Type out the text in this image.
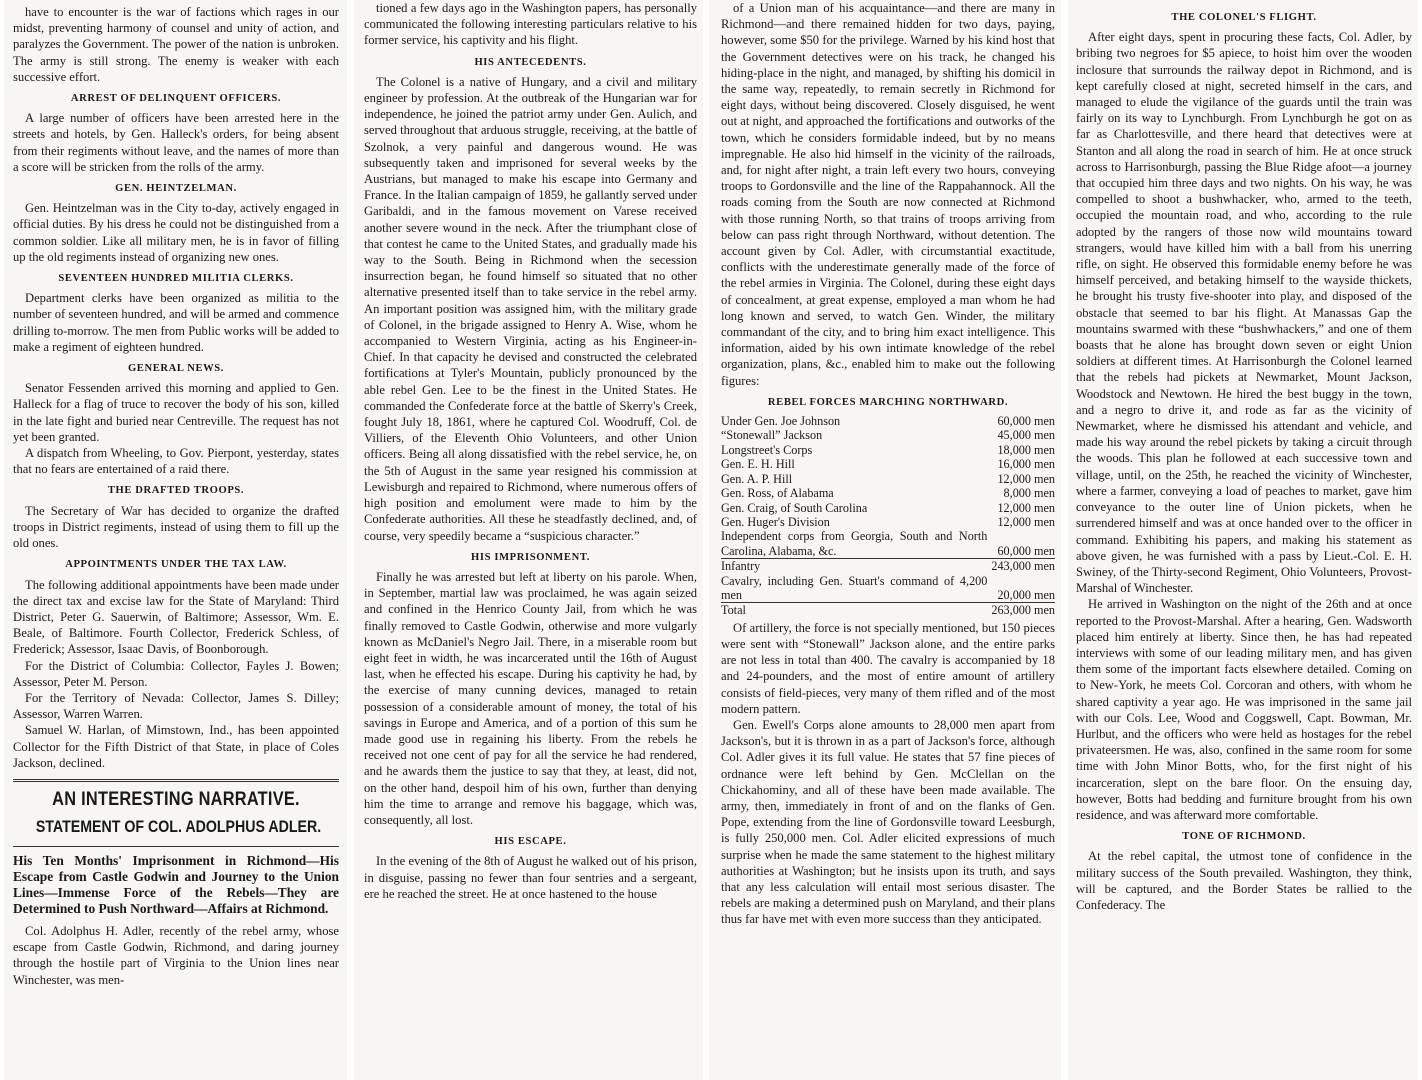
have to encounter is the war of factions which rages in our midst, preventing harmony of counsel and unity of action, and paralyzes the Government. The power of the nation is unbroken. The army is still strong. The enemy is weaker with each successive effort.

ARREST OF DELINQUENT OFFICERS.

A large number of officers have been arrested here in the streets and hotels, by Gen. Halleck's orders, for being absent from their regiments without leave, and the names of more than a score will be stricken from the rolls of the army.

GEN. HEINTZELMAN.

Gen. Heintzelman was in the City to-day, actively engaged in official duties. By his dress he could not be distinguished from a common soldier. Like all military men, he is in favor of filling up the old regiments instead of organizing new ones.

SEVENTEEN HUNDRED MILITIA CLERKS.

Department clerks have been organized as militia to the number of seventeen hundred, and will be armed and commence drilling to-morrow. The men from Public works will be added to make a regiment of eighteen hundred.

GENERAL NEWS.

Senator Fessenden arrived this morning and applied to Gen. Halleck for a flag of truce to recover the body of his son, killed in the late fight and buried near Centreville. The request has not yet been granted.

A dispatch from Wheeling, to Gov. Pierpont, yesterday, states that no fears are entertained of a raid there.

THE DRAFTED TROOPS.

The Secretary of War has decided to organize the drafted troops in District regiments, instead of using them to fill up the old ones.

APPOINTMENTS UNDER THE TAX LAW.

The following additional appointments have been made under the direct tax and excise law for the State of Maryland: Third District, Peter G. Sauerwin, of Baltimore; Assessor, Wm. E. Beale, of Baltimore. Fourth Collector, Frederick Schless, of Frederick; Assessor, Isaac Davis, of Boonborough.

For the District of Columbia: Collector, Fayles J. Bowen; Assessor, Peter M. Person.

For the Territory of Nevada: Collector, James S. Dilley; Assessor, Warren Warren.

Samuel W. Harlan, of Mimstown, Ind., has been appointed Collector for the Fifth District of that State, in place of Coles Jackson, declined.

AN INTERESTING NARRATIVE.
STATEMENT OF COL. ADOLPHUS ADLER.
His Ten Months' Imprisonment in Richmond—His Escape from Castle Godwin and Journey to the Union Lines—Immense Force of the Rebels—They are Determined to Push Northward—Affairs at Richmond.

Col. Adolphus H. Adler, recently of the rebel army, whose escape from Castle Godwin, Richmond, and daring journey through the hostile part of Virginia to the Union lines near Winchester, was men-

tioned a few days ago in the Washington papers, has personally communicated the following interesting particulars relative to his former service, his captivity and his flight.

HIS ANTECEDENTS.

The Colonel is a native of Hungary, and a civil and military engineer by profession. At the outbreak of the Hungarian war for independence, he joined the patriot army under Gen. Aulich, and served throughout that arduous struggle, receiving, at the battle of Szolnok, a very painful and dangerous wound. He was subsequently taken and imprisoned for several weeks by the Austrians, but managed to make his escape into Germany and France. In the Italian campaign of 1859, he gallantly served under Garibaldi, and in the famous movement on Varese received another severe wound in the neck. After the triumphant close of that contest he came to the United States, and gradually made his way to the South. Being in Richmond when the secession insurrection began, he found himself so situated that no other alternative presented itself than to take service in the rebel army. An important position was assigned him, with the military grade of Colonel, in the brigade assigned to Henry A. Wise, whom he accompanied to Western Virginia, acting as his Engineer-in-Chief. In that capacity he devised and constructed the celebrated fortifications at Tyler's Mountain, publicly pronounced by the able rebel Gen. Lee to be the finest in the United States. He commanded the Confederate force at the battle of Skerry's Creek, fought July 18, 1861, where he captured Col. Woodruff, Col. de Villiers, of the Eleventh Ohio Volunteers, and other Union officers. Being all along dissatisfied with the rebel service, he, on the 5th of August in the same year resigned his commission at Lewisburgh and repaired to Richmond, where numerous offers of high position and emolument were made to him by the Confederate authorities. All these he steadfastly declined, and, of course, very speedily became a “suspicious character.”

HIS IMPRISONMENT.

Finally he was arrested but left at liberty on his parole. When, in September, martial law was proclaimed, he was again seized and confined in the Henrico County Jail, from which he was finally removed to Castle Godwin, otherwise and more vulgarly known as McDaniel's Negro Jail. There, in a miserable room but eight feet in width, he was incarcerated until the 16th of August last, when he effected his escape. During his captivity he had, by the exercise of many cunning devices, managed to retain possession of a considerable amount of money, the total of his savings in Europe and America, and of a portion of this sum he made good use in regaining his liberty. From the rebels he received not one cent of pay for all the service he had rendered, and he awards them the justice to say that they, at least, did not, on the other hand, despoil him of his own, further than denying him the time to arrange and remove his baggage, which was, consequently, all lost.

HIS ESCAPE.

In the evening of the 8th of August he walked out of his prison, in disguise, passing no fewer than four sentries and a sergeant, ere he reached the street. He at once hastened to the house

of a Union man of his acquaintance—and there are many in Richmond—and there remained hidden for two days, paying, however, some $50 for the privilege. Warned by his kind host that the Government detectives were on his track, he changed his hiding-place in the night, and managed, by shifting his domicil in the same way, repeatedly, to remain secretly in Richmond for eight days, without being discovered. Closely disguised, he went out at night, and approached the fortifications and outworks of the town, which he considers formidable indeed, but by no means impregnable. He also hid himself in the vicinity of the railroads, and, for night after night, a train left every two hours, conveying troops to Gordonsville and the line of the Rappahannock. All the roads coming from the South are now connected at Richmond with those running North, so that trains of troops arriving from below can pass right through Northward, without detention. The account given by Col. Adler, with circumstantial exactitude, conflicts with the underestimate generally made of the force of the rebel armies in Virginia. The Colonel, during these eight days of concealment, at great expense, employed a man whom he had long known and served, to watch Gen. Winder, the military commandant of the city, and to bring him exact intelligence. This information, aided by his own intimate knowledge of the rebel organization, plans, &c., enabled him to make out the following figures:

REBEL FORCES MARCHING NORTHWARD.
Under Gen. Joe Johnson	60,000 men
“Stonewall” Jackson	45,000 men
Longstreet's Corps	18,000 men
Gen. E. H. Hill	16,000 men
Gen. A. P. Hill	12,000 men
Gen. Ross, of Alabama	8,000 men
Gen. Craig, of South Carolina	12,000 men
Gen. Huger's Division	12,000 men
Independent corps from Georgia, South and North Carolina, Alabama, &c.	60,000 men
Infantry	243,000 men
Cavalry, including Gen. Stuart's command of 4,200 men	20,000 men
Total	263,000 men

Of artillery, the force is not specially mentioned, but 150 pieces were sent with “Stonewall” Jackson alone, and the entire parks are not less in total than 400. The cavalry is accompanied by 18 and 24-pounders, and the most of entire amount of artillery consists of field-pieces, very many of them rifled and of the most modern pattern.

Gen. Ewell's Corps alone amounts to 28,000 men apart from Jackson's, but it is thrown in as a part of Jackson's force, although Col. Adler gives it its full value. He states that 57 fine pieces of ordnance were left behind by Gen. McClellan on the Chickahominy, and all of these have been made available. The army, then, immediately in front of and on the flanks of Gen. Pope, extending from the line of Gordonsville toward Leesburgh, is fully 250,000 men. Col. Adler elicited expressions of much surprise when he made the same statement to the highest military authorities at Washington; but he insists upon its truth, and says that any less calculation will entail most serious disaster. The rebels are making a determined push on Maryland, and their plans thus far have met with even more success than they anticipated.

THE COLONEL'S FLIGHT.

After eight days, spent in procuring these facts, Col. Adler, by bribing two negroes for $5 apiece, to hoist him over the wooden inclosure that surrounds the railway depot in Richmond, and is kept carefully closed at night, secreted himself in the cars, and managed to elude the vigilance of the guards until the train was fairly on its way to Lynchburgh. From Lynchburgh he got on as far as Charlottesville, and there heard that detectives were at Stanton and all along the road in search of him. He at once struck across to Harrisonburgh, passing the Blue Ridge afoot—a journey that occupied him three days and two nights. On his way, he was compelled to shoot a bushwhacker, who, armed to the teeth, occupied the mountain road, and who, according to the rule adopted by the rangers of those now wild mountains toward strangers, would have killed him with a ball from his unerring rifle, on sight. He observed this formidable enemy before he was himself perceived, and betaking himself to the wayside thickets, he brought his trusty five-shooter into play, and disposed of the obstacle that seemed to bar his flight. At Manassas Gap the mountains swarmed with these “bushwhackers,” and one of them boasts that he alone has brought down seven or eight Union soldiers at different times. At Harrisonburgh the Colonel learned that the rebels had pickets at Newmarket, Mount Jackson, Woodstock and Newtown. He hired the best buggy in the town, and a negro to drive it, and rode as far as the vicinity of Newmarket, where he dismissed his attendant and vehicle, and made his way around the rebel pickets by taking a circuit through the woods. This plan he followed at each successive town and village, until, on the 25th, he reached the vicinity of Winchester, where a farmer, conveying a load of peaches to market, gave him conveyance to the outer line of Union pickets, when he surrendered himself and was at once handed over to the officer in command. Exhibiting his papers, and making his statement as above given, he was furnished with a pass by Lieut.-Col. E. H. Swiney, of the Thirty-second Regiment, Ohio Volunteers, Provost-Marshal of Winchester.

He arrived in Washington on the night of the 26th and at once reported to the Provost-Marshal. After a hearing, Gen. Wadsworth placed him entirely at liberty. Since then, he has had repeated interviews with some of our leading military men, and has given them some of the important facts elsewhere detailed. Coming on to New-York, he meets Col. Corcoran and others, with whom he shared captivity a year ago. He was imprisoned in the same jail with our Cols. Lee, Wood and Coggswell, Capt. Bowman, Mr. Hurlbut, and the officers who were held as hostages for the rebel privateersmen. He was, also, confined in the same room for some time with John Minor Botts, who, for the first night of his incarceration, slept on the bare floor. On the ensuing day, however, Botts had bedding and furniture brought from his own residence, and was afterward more comfortable.

TONE OF RICHMOND.

At the rebel capital, the utmost tone of confidence in the military success of the South prevailed. Washington, they think, will be captured, and the Border States be rallied to the Confederacy. The
